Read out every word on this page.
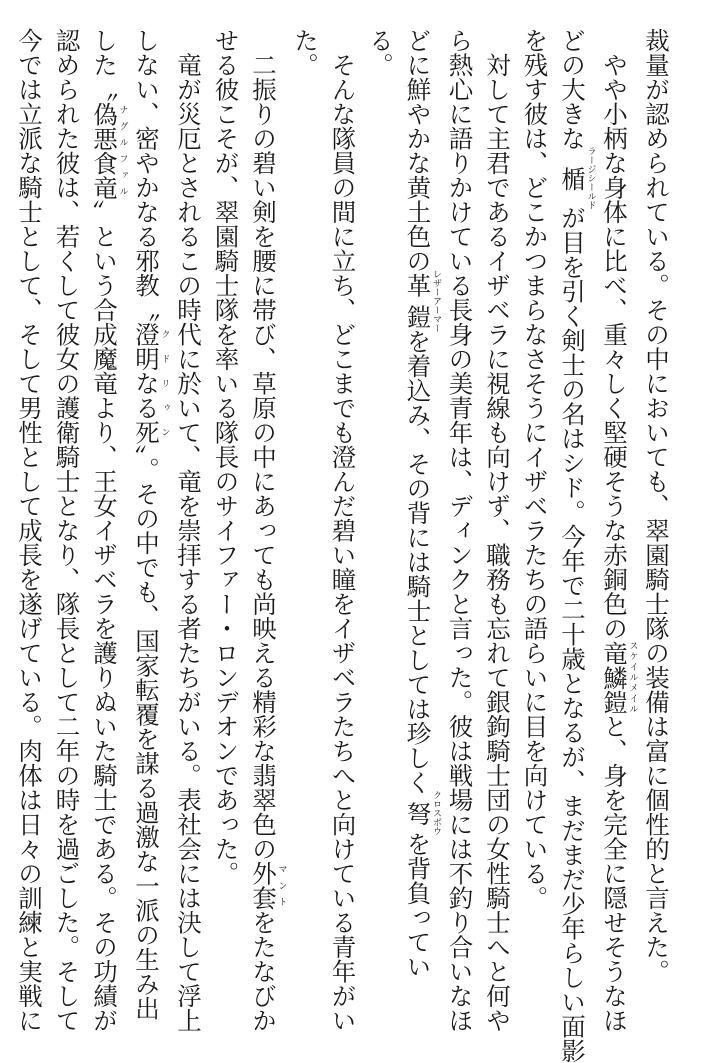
裁量が認められている。その中においても、翠園騎士隊の装備は富に個性的と言えた。
　やや小柄な身体に比べ、重々しく堅硬そうな赤銅色の竜鱗鎧スケイルメイルと、身を完全に隠せそうなほ
どの大きな楯ラージシールドが目を引く剣士の名はシド。今年で二十歳となるが、まだまだ少年らしい面影
を残す彼は、どこかつまらなさそうにイザベラたちの語らいに目を向けている。
　対して主君であるイザベラに視線も向けず、職務も忘れて銀鉤騎士団の女性騎士へと何や
ら熱心に語りかけている長身の美青年は、ディンクと言った。彼は戦場には不釣り合いなほ
どに鮮やかな黄土色の革鎧レザーアーマーを着込み、その背には騎士としては珍しく弩クロスボウを背負ってい
る。
　そんな隊員の間に立ち、どこまでも澄んだ碧い瞳をイザベラたちへと向けている青年がい
た。
　二振りの碧い剣を腰に帯び、草原の中にあっても尚映える精彩な翡翠色の外套マントをたなびか
せる彼こそが、翠園騎士隊を率いる隊長のサイファー・ロンデオンであった。
　竜が災厄とされるこの時代に於いて、竜を崇拝する者たちがいる。表社会には決して浮上
しない、密やかなる邪教〝澄明なる死クドリゥン〟。その中でも、国家転覆を謀る過激な一派の生み出
した〝偽悪食竜ナグルファル〟という合成魔竜より、王女イザベラを護りぬいた騎士である。その功績が
認められた彼は、若くして彼女の護衛騎士となり、隊長として二年の時を過ごした。そして
今では立派な騎士として、そして男性として成長を遂げている。肉体は日々の訓練と実戦に
